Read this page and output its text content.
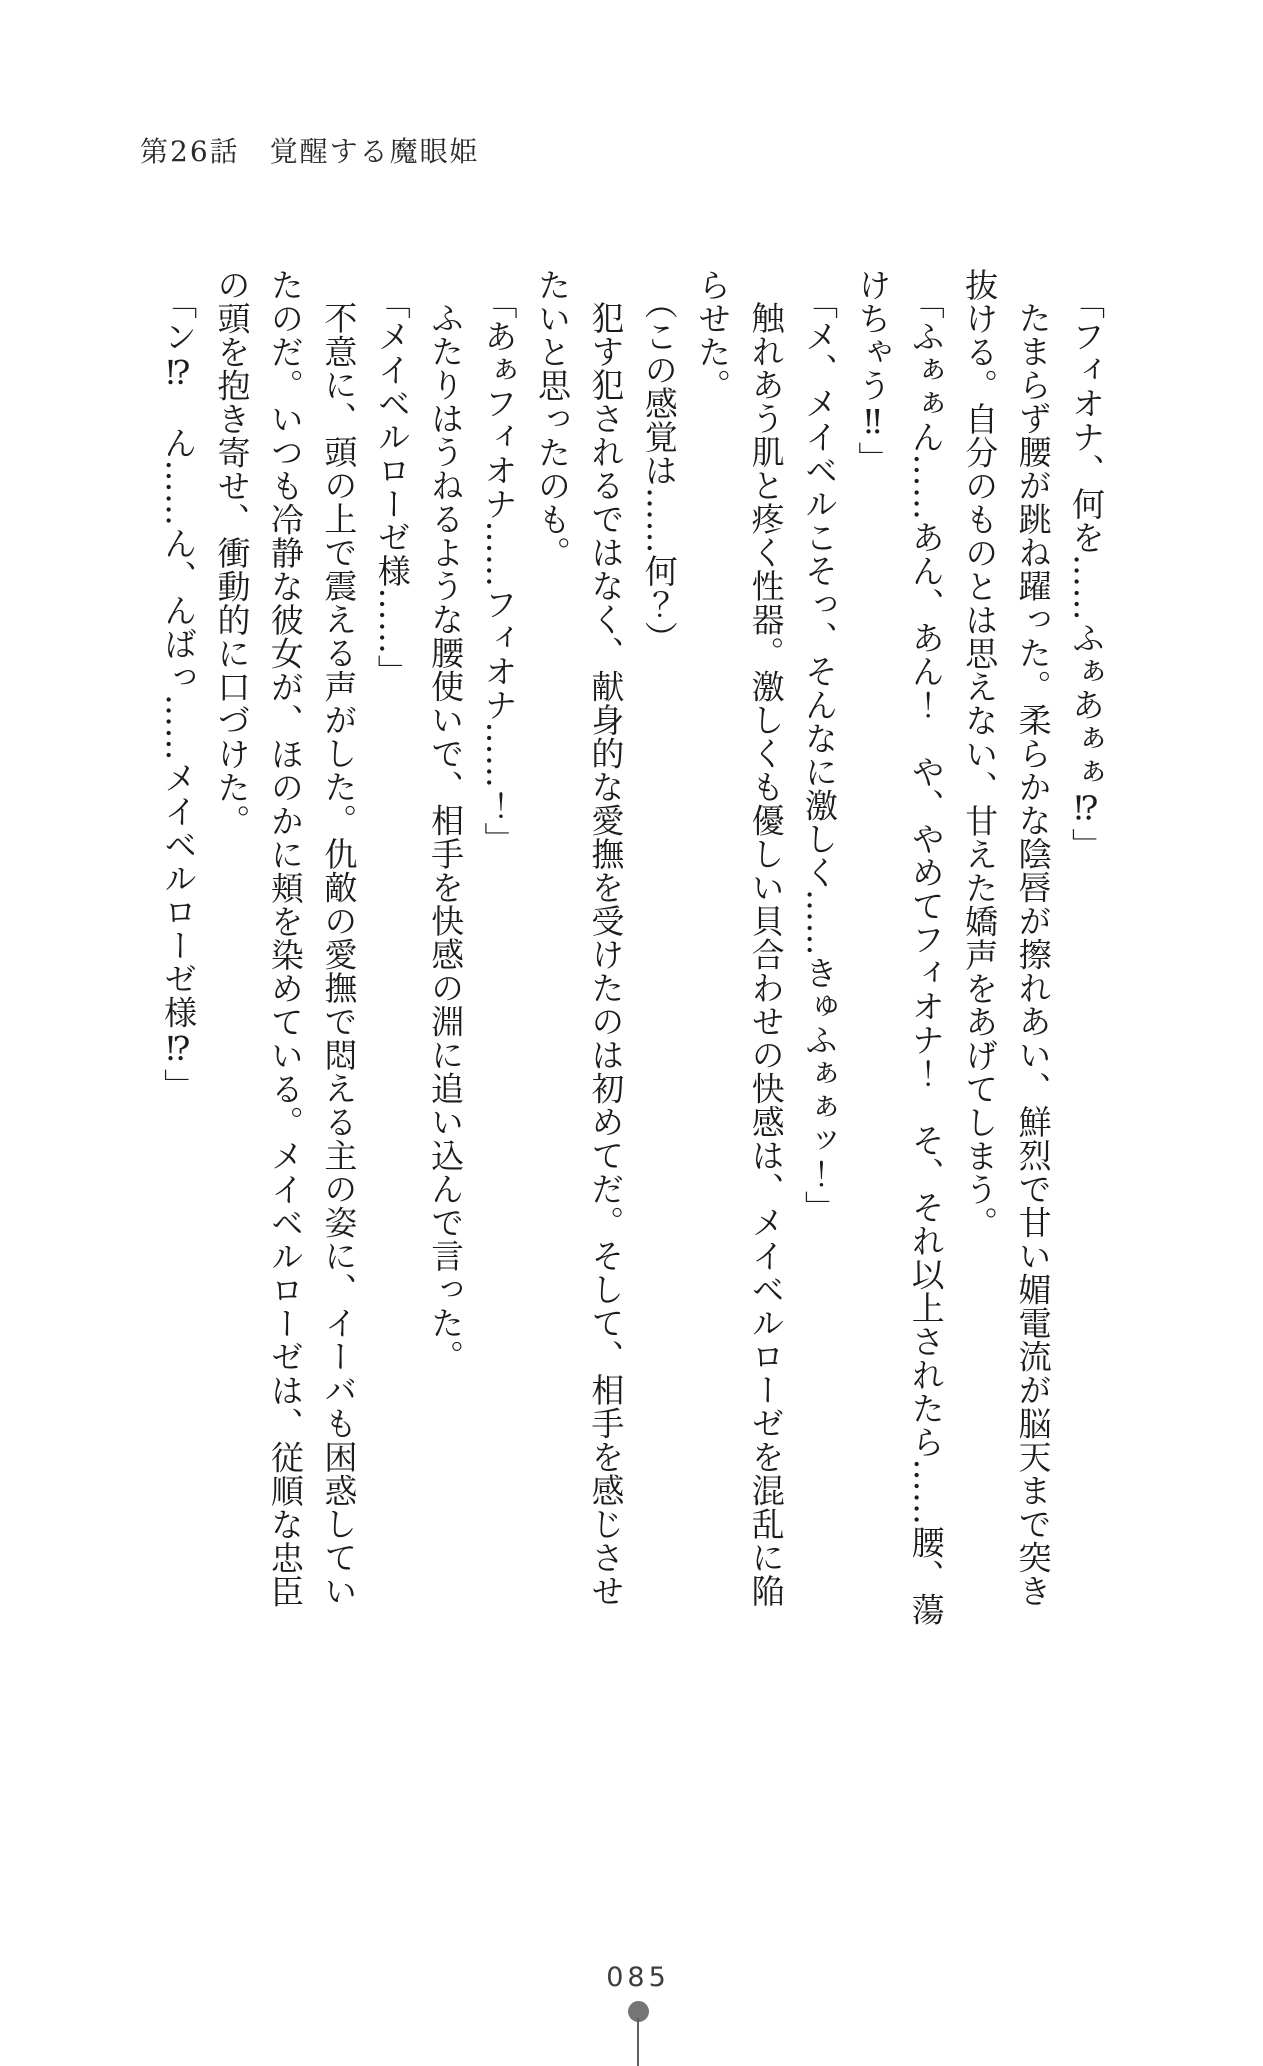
第26話　覚醒する魔眼姫

「フィオナ、何を……ふぁあぁぁ⁉」

たまらず腰が跳ね躍った。柔らかな陰唇が擦れあい、鮮烈で甘い媚電流が脳天まで突き

抜ける。自分のものとは思えない、甘えた嬌声をあげてしまう。

「ふぁぁん……あん、あん！　や、やめてフィオナ！　そ、それ以上されたら……腰、蕩

けちゃう‼」

「メ、メイベルこそっ、そんなに激しく……きゅふぁぁッ！」

触れあう肌と疼く性器。激しくも優しい貝合わせの快感は、メイベルローゼを混乱に陥

らせた。

（この感覚は……何？）

犯す犯されるではなく、献身的な愛撫を受けたのは初めてだ。そして、相手を感じさせ

たいと思ったのも。

「あぁフィオナ……フィオナ……！」

ふたりはうねるような腰使いで、相手を快感の淵に追い込んで言った。

「メイベルローゼ様……」

不意に、頭の上で震える声がした。仇敵の愛撫で悶える主の姿に、イーバも困惑してい

たのだ。いつも冷静な彼女が、ほのかに頬を染めている。メイベルローゼは、従順な忠臣

の頭を抱き寄せ、衝動的に口づけた。

「ン⁉　ん……ん、んばっ……メイベルローゼ様⁉」

085
